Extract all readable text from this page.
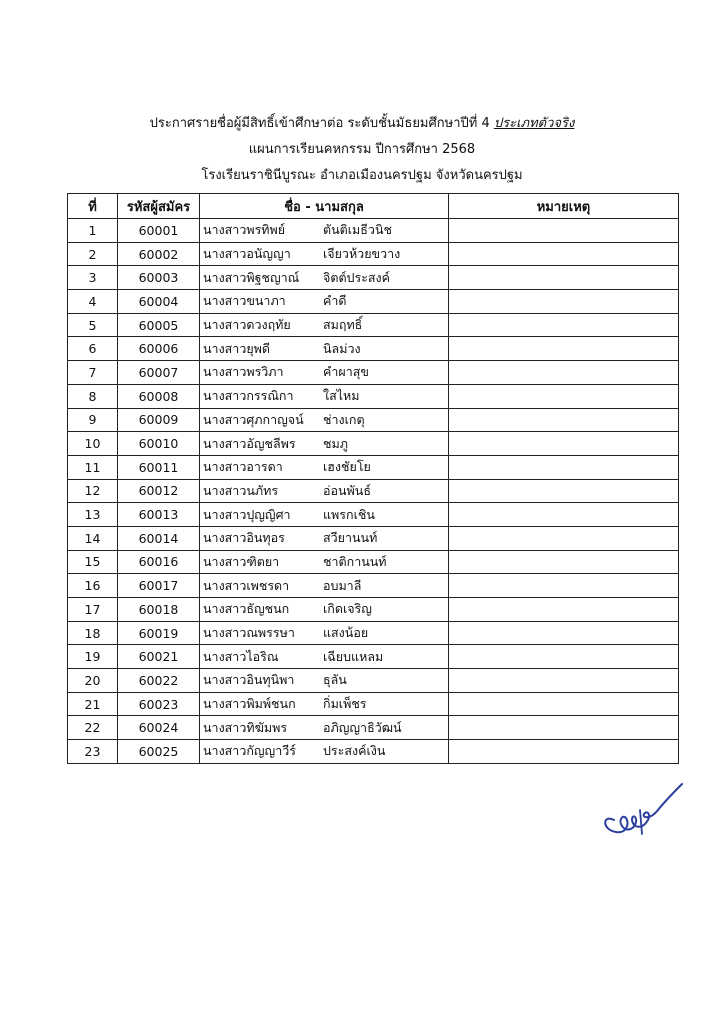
ประกาศรายชื่อผู้มีสิทธิ์เข้าศึกษาต่อ ระดับชั้นมัธยมศึกษาปีที่ 4 ประเภทตัวจริง
แผนการเรียนคหกรรม ปีการศึกษา 2568
โรงเรียนราชินีบูรณะ อำเภอเมืองนครปฐม จังหวัดนครปฐม
ที่	รหัสผู้สมัคร	ชื่อ - นามสกุล	หมายเหตุ
1	60001	นางสาวพรทิพย์ ตันติเมธีวนิช	
2	60002	นางสาวอนัญญา เจียวห้วยขวาง	
3	60003	นางสาวพิฐชญาณ์ จิตต์ประสงค์	
4	60004	นางสาวขนาภา คำดี	
5	60005	นางสาวดวงฤทัย สมฤทธิ์	
6	60006	นางสาวยุพดี นิลม่วง	
7	60007	นางสาวพรวิภา คำผาสุข	
8	60008	นางสาวกรรณิกา ใสไหม	
9	60009	นางสาวศุภกาญจน์ ช่างเกตุ	
10	60010	นางสาวอัญชลีพร ชมภู	
11	60011	นางสาวอารดา เฮงชัยโย	
12	60012	นางสาวนภัทร อ่อนพันธ์	
13	60013	นางสาวปุญญิศา แพรกเชิน	
14	60014	นางสาวอินทุอร สวียานนท์	
15	60016	นางสาวฑิตยา ชาติกานนท์	
16	60017	นางสาวเพชรดา อบมาลี	
17	60018	นางสาวธัญชนก เกิดเจริญ	
18	60019	นางสาวณพรรษา แสงน้อย	
19	60021	นางสาวไอริณ เฉียบแหลม	
20	60022	นางสาวอินทุนิพา ธุลัน	
21	60023	นางสาวพิมพ์ชนก กิ่มเพ็ชร	
22	60024	นางสาวทิฆัมพร อภิญญาธิวัฒน์	
23	60025	นางสาวกัญญาวีร์ ประสงค์เงิน	
